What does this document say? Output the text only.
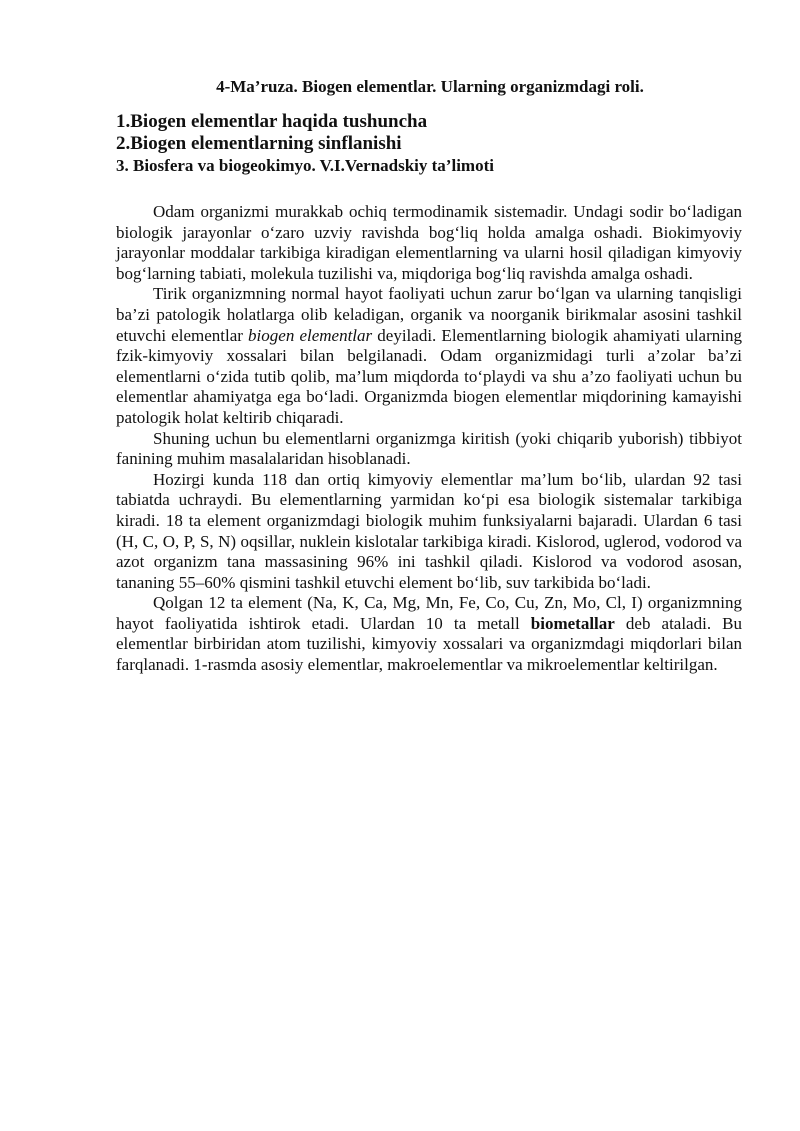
4-Ma’ruza. Biogen elementlar. Ularning organizmdagi roli.
1.Biogen elementlar haqida tushuncha
2.Biogen elementlarning sinflanishi
3. Biosfera va biogeokimyo. V.I.Vernadskiy ta’limoti

Odam organizmi murakkab ochiq termodinamik sistemadir. Undagi sodir bo‘ladigan biologik jarayonlar o‘zaro uzviy ravishda bog‘liq holda amalga oshadi. Biokimyoviy jarayonlar moddalar tarkibiga kiradigan elementlarning va ularni hosil qiladigan kimyoviy bog‘larning tabiati, molekula tuzilishi va, miqdoriga bog‘liq ravishda amalga oshadi.

Tirik organizmning normal hayot faoliyati uchun zarur bo‘lgan va ularning tanqisligi ba’zi patologik holatlarga olib keladigan, organik va noorganik birikmalar asosini tashkil etuvchi elementlar biogen elementlar deyiladi. Elementlarning biologik ahamiyati ularning fzik-kimyoviy xossalari bilan belgilanadi. Odam organizmidagi turli a’zolar ba’zi elementlarni o‘zida tutib qolib, ma’lum miqdorda to‘playdi va shu a’zo faoliyati uchun bu elementlar ahamiyatga ega bo‘ladi. Organizmda biogen elementlar miqdorining kamayishi patologik holat keltirib chiqaradi.

Shuning uchun bu elementlarni organizmga kiritish (yoki chiqarib yuborish) tibbiyot fanining muhim masalalaridan hisoblanadi.

Hozirgi kunda 118 dan ortiq kimyoviy elementlar ma’lum bo‘lib, ulardan 92 tasi tabiatda uchraydi. Bu elementlarning yarmidan ko‘pi esa biologik sistemalar tarkibiga kiradi. 18 ta element organizmdagi biologik muhim funksiyalarni bajaradi. Ulardan 6 tasi (H, C, O, P, S, N) oqsillar, nuklein kislotalar tarkibiga kiradi. Kislorod, uglerod, vodorod va azot organizm tana massasining 96% ini tashkil qiladi. Kislorod va vodorod asosan, tananing 55–60% qismini tashkil etuvchi element bo‘lib, suv tarkibida bo‘ladi.

Qolgan 12 ta element (Na, K, Ca, Mg, Mn, Fe, Co, Cu, Zn, Mo, Cl, I) organizmning hayot faoliyatida ishtirok etadi. Ulardan 10 ta metall biometallar deb ataladi. Bu elementlar birbiridan atom tuzilishi, kimyoviy xossalari va organizmdagi miqdorlari bilan farqlanadi. 1-rasmda asosiy elementlar, makroelementlar va mikroelementlar keltirilgan.
